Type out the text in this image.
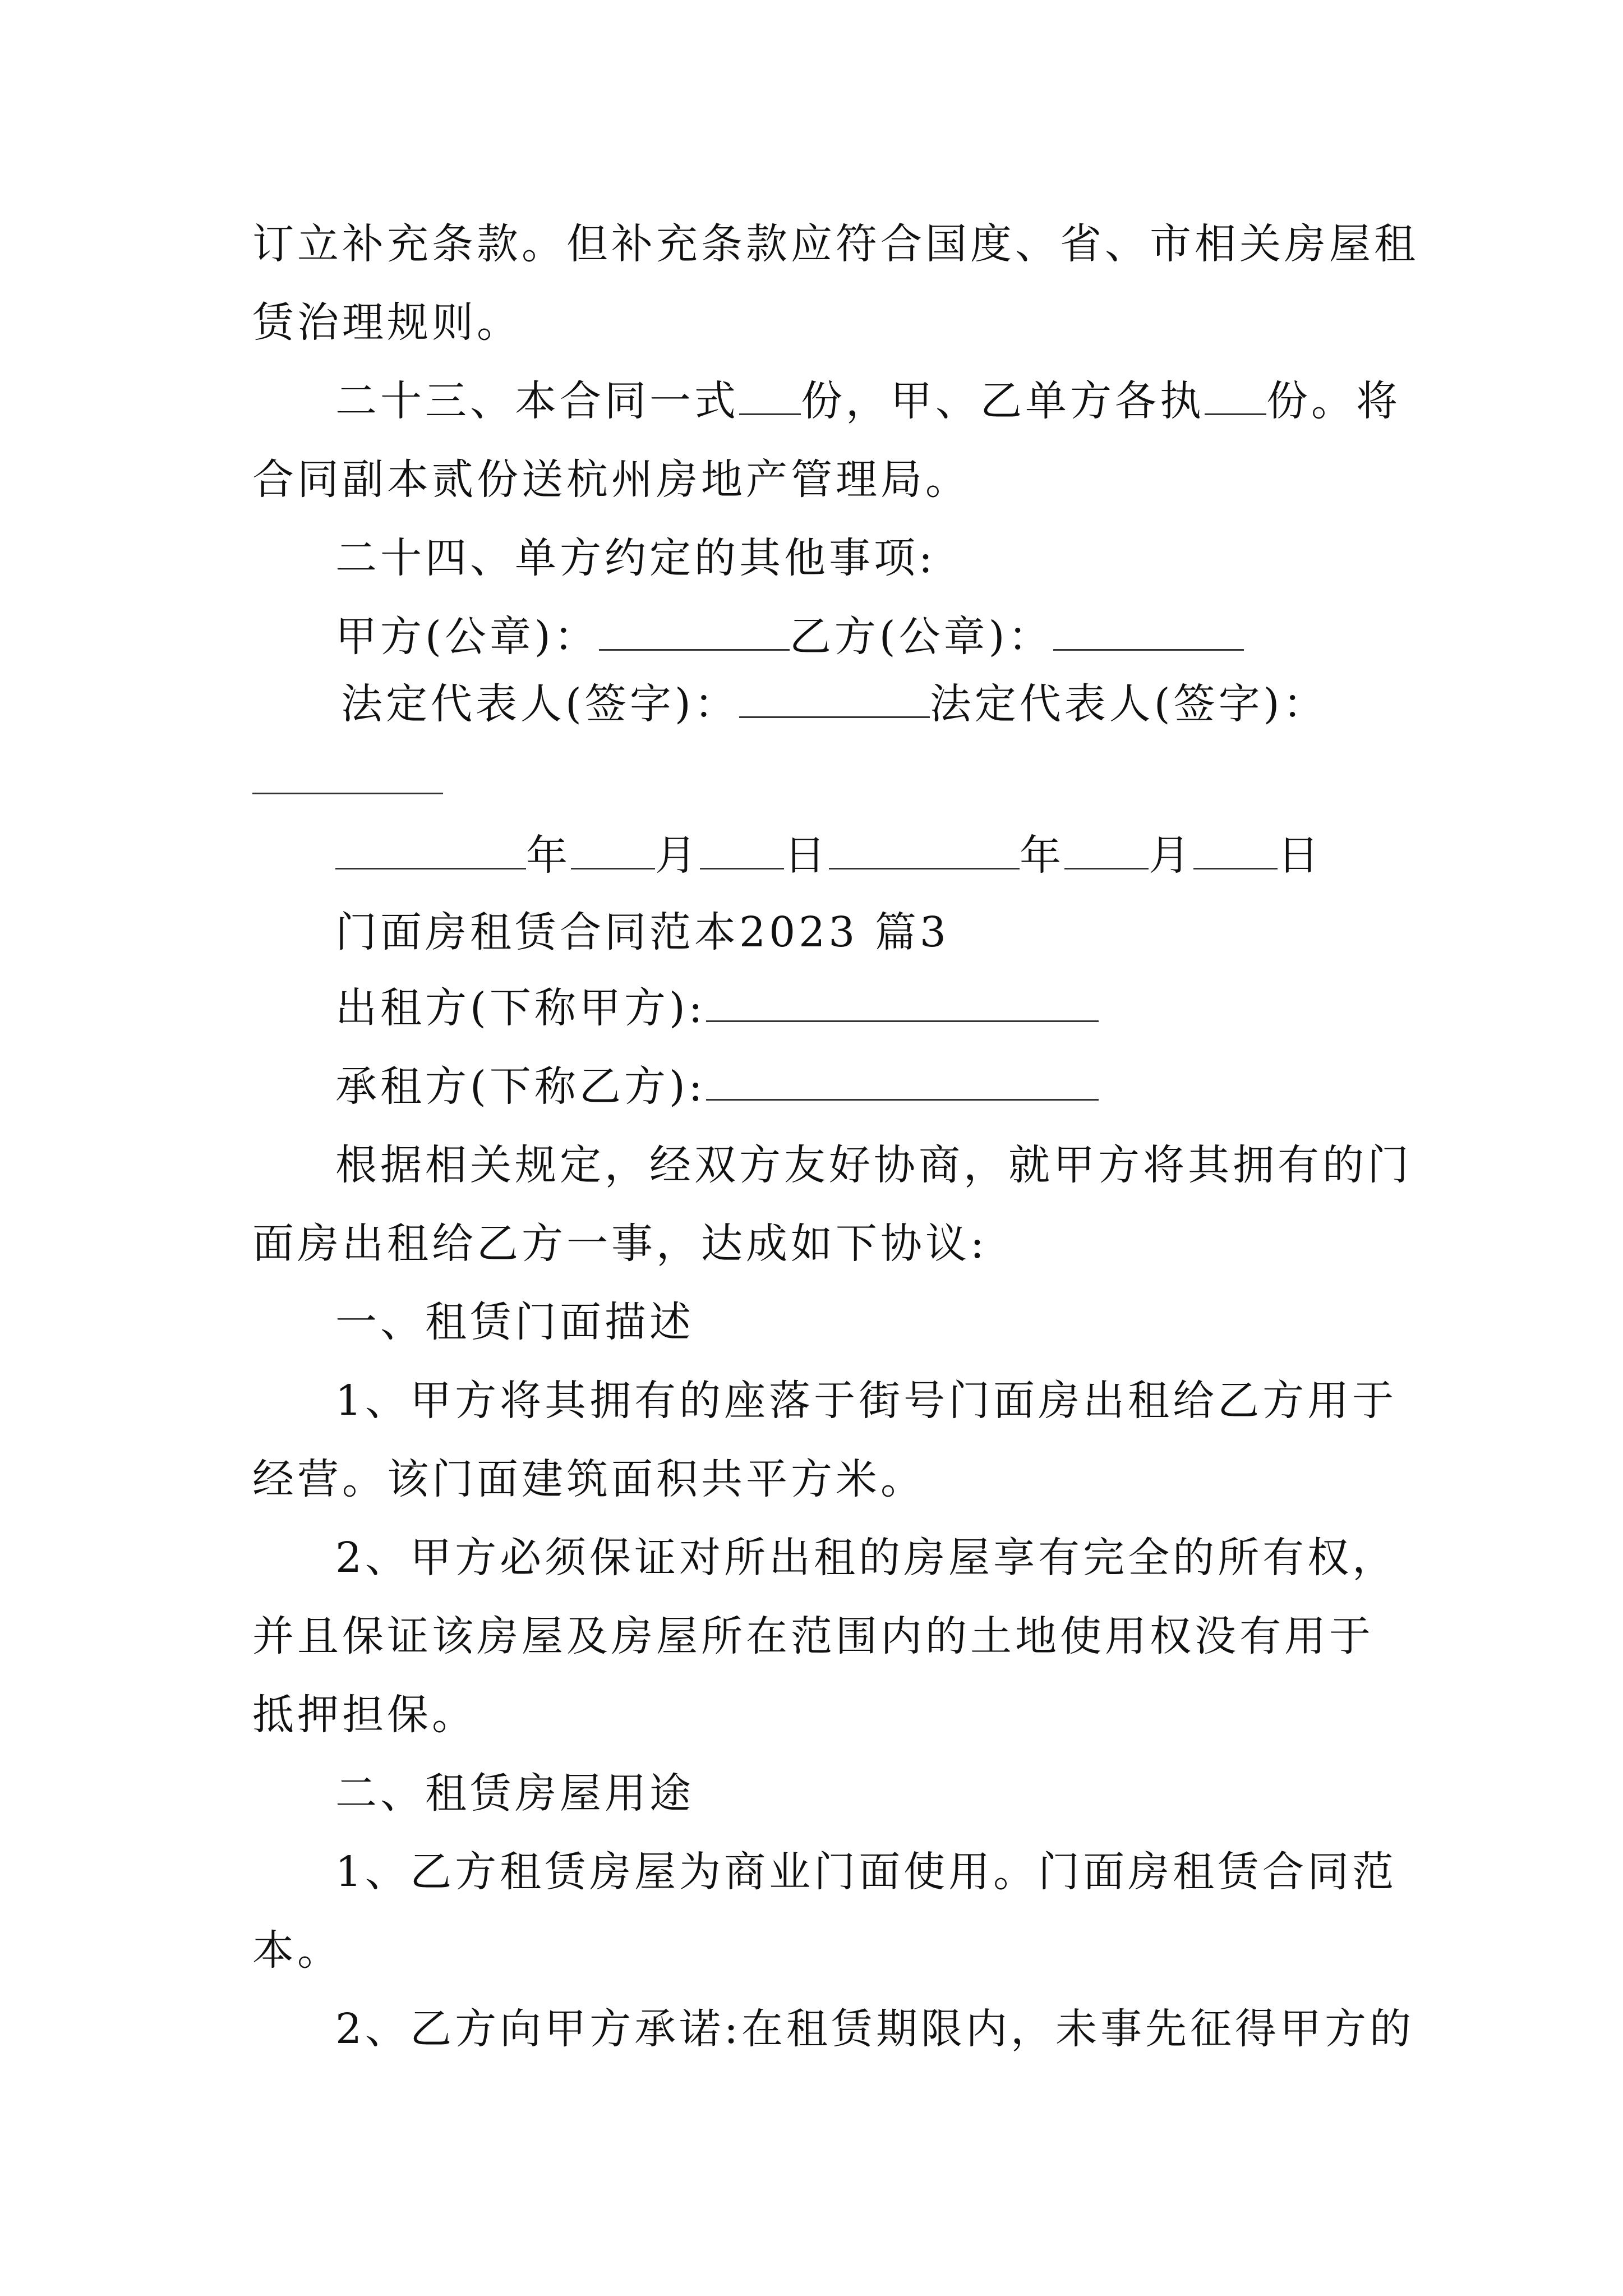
订立补充条款。但补充条款应符合国度、省、市相关房屋租
赁治理规则。
二十三、本合同一式 份，甲、乙单方各执 份。将
合同副本贰份送杭州房地产管理局。
二十四、单方约定的其他事项:
甲方(公章)：	乙方(公章)：
法定代表人(签字)：	法定代表人(签字)：
年 月 日	年 月 日
门面房租赁合同范本2023 篇3
出租方(下称甲方):
承租方(下称乙方):
根据相关规定，经双方友好协商，就甲方将其拥有的门
面房出租给乙方一事，达成如下协议:
一、租赁门面描述
1、甲方将其拥有的座落于街号门面房出租给乙方用于
经营。该门面建筑面积共平方米。
2、甲方必须保证对所出租的房屋享有完全的所有权，
并且保证该房屋及房屋所在范围内的土地使用权没有用于
抵押担保。
二、租赁房屋用途
1、乙方租赁房屋为商业门面使用。门面房租赁合同范
本。
2、乙方向甲方承诺:在租赁期限内，未事先征得甲方的
